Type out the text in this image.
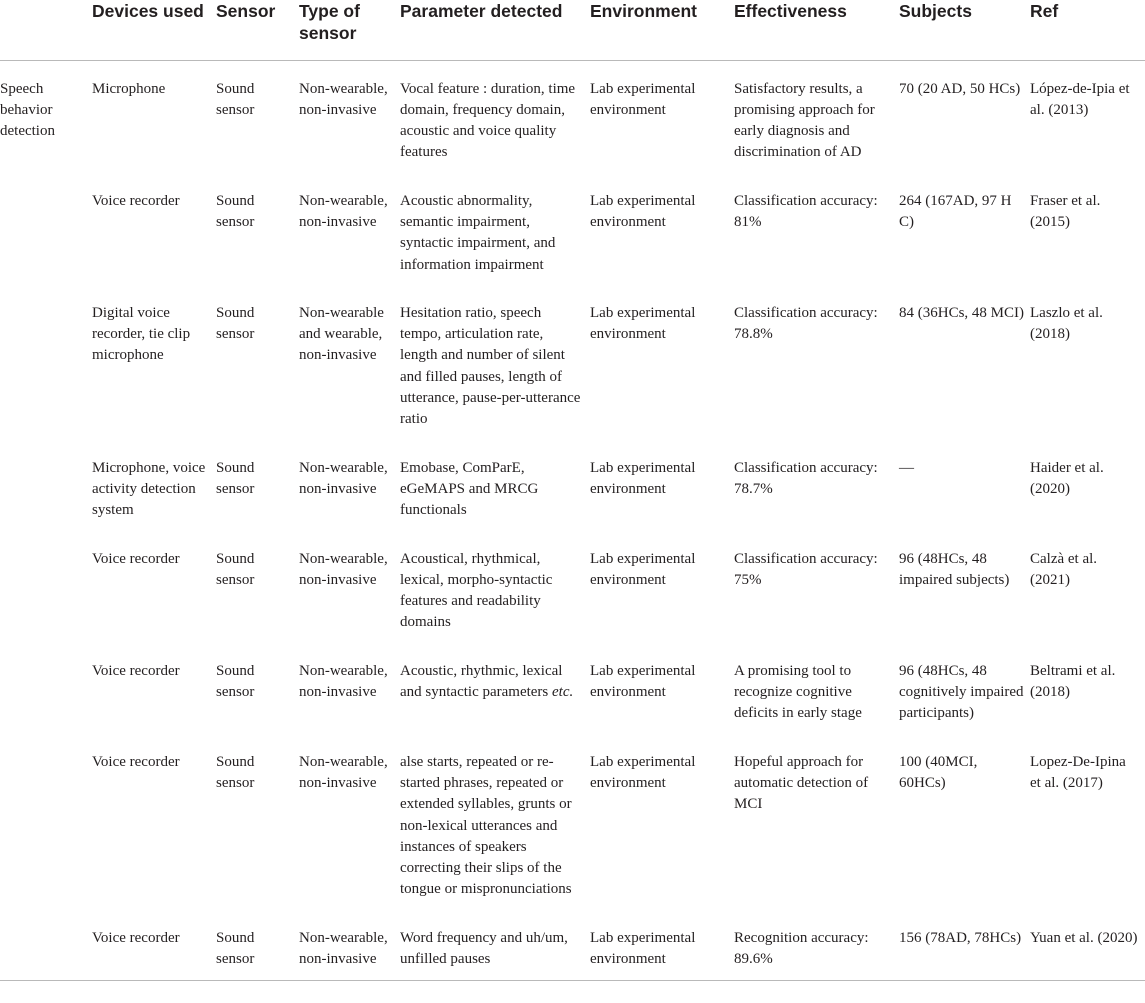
	Devices used	Sensor	Type of sensor	Parameter detected	Environment	Effectiveness	Subjects	Ref
Speech behavior detection	Microphone	Sound sensor	Non-wearable, non-invasive	Vocal feature : duration, time domain, frequency domain, acoustic and voice quality features	Lab experimental environment	Satisfactory results, a promising approach for early diagnosis and discrimination of AD	70 (20 AD, 50 HCs)	López-de-Ipia et al. (2013)
	Voice recorder	Sound sensor	Non-wearable, non-invasive	Acoustic abnormality, semantic impairment, syntactic impairment, and information impairment	Lab experimental environment	Classification accuracy: 81%	264 (167AD, 97 H C)	Fraser et al. (2015)
	Digital voice recorder, tie clip microphone	Sound sensor	Non-wearable and wearable, non-invasive	Hesitation ratio, speech tempo, articulation rate, length and number of silent and filled pauses, length of utterance, pause-per-utterance ratio	Lab experimental environment	Classification accuracy: 78.8%	84 (36HCs, 48 MCI)	Laszlo et al. (2018)
	Microphone, voice activity detection system	Sound sensor	Non-wearable, non-invasive	Emobase, ComParE, eGeMAPS and MRCG functionals	Lab experimental environment	Classification accuracy: 78.7%	—	Haider et al. (2020)
	Voice recorder	Sound sensor	Non-wearable, non-invasive	Acoustical, rhythmical, lexical, morpho-syntactic features and readability domains	Lab experimental environment	Classification accuracy: 75%	96 (48HCs, 48 impaired subjects)	Calzà et al. (2021)
	Voice recorder	Sound sensor	Non-wearable, non-invasive	Acoustic, rhythmic, lexical and syntactic parameters etc.	Lab experimental environment	A promising tool to recognize cognitive deficits in early stage	96 (48HCs, 48 cognitively impaired participants)	Beltrami et al. (2018)
	Voice recorder	Sound sensor	Non-wearable, non-invasive	alse starts, repeated or re-started phrases, repeated or extended syllables, grunts or non-lexical utterances and instances of speakers correcting their slips of the tongue or mispronunciations	Lab experimental environment	Hopeful approach for automatic detection of MCI	100 (40MCI, 60HCs)	Lopez-De-Ipina et al. (2017)
	Voice recorder	Sound sensor	Non-wearable, non-invasive	Word frequency and uh/um, unfilled pauses	Lab experimental environment	Recognition accuracy: 89.6%	156 (78AD, 78HCs)	Yuan et al. (2020)
